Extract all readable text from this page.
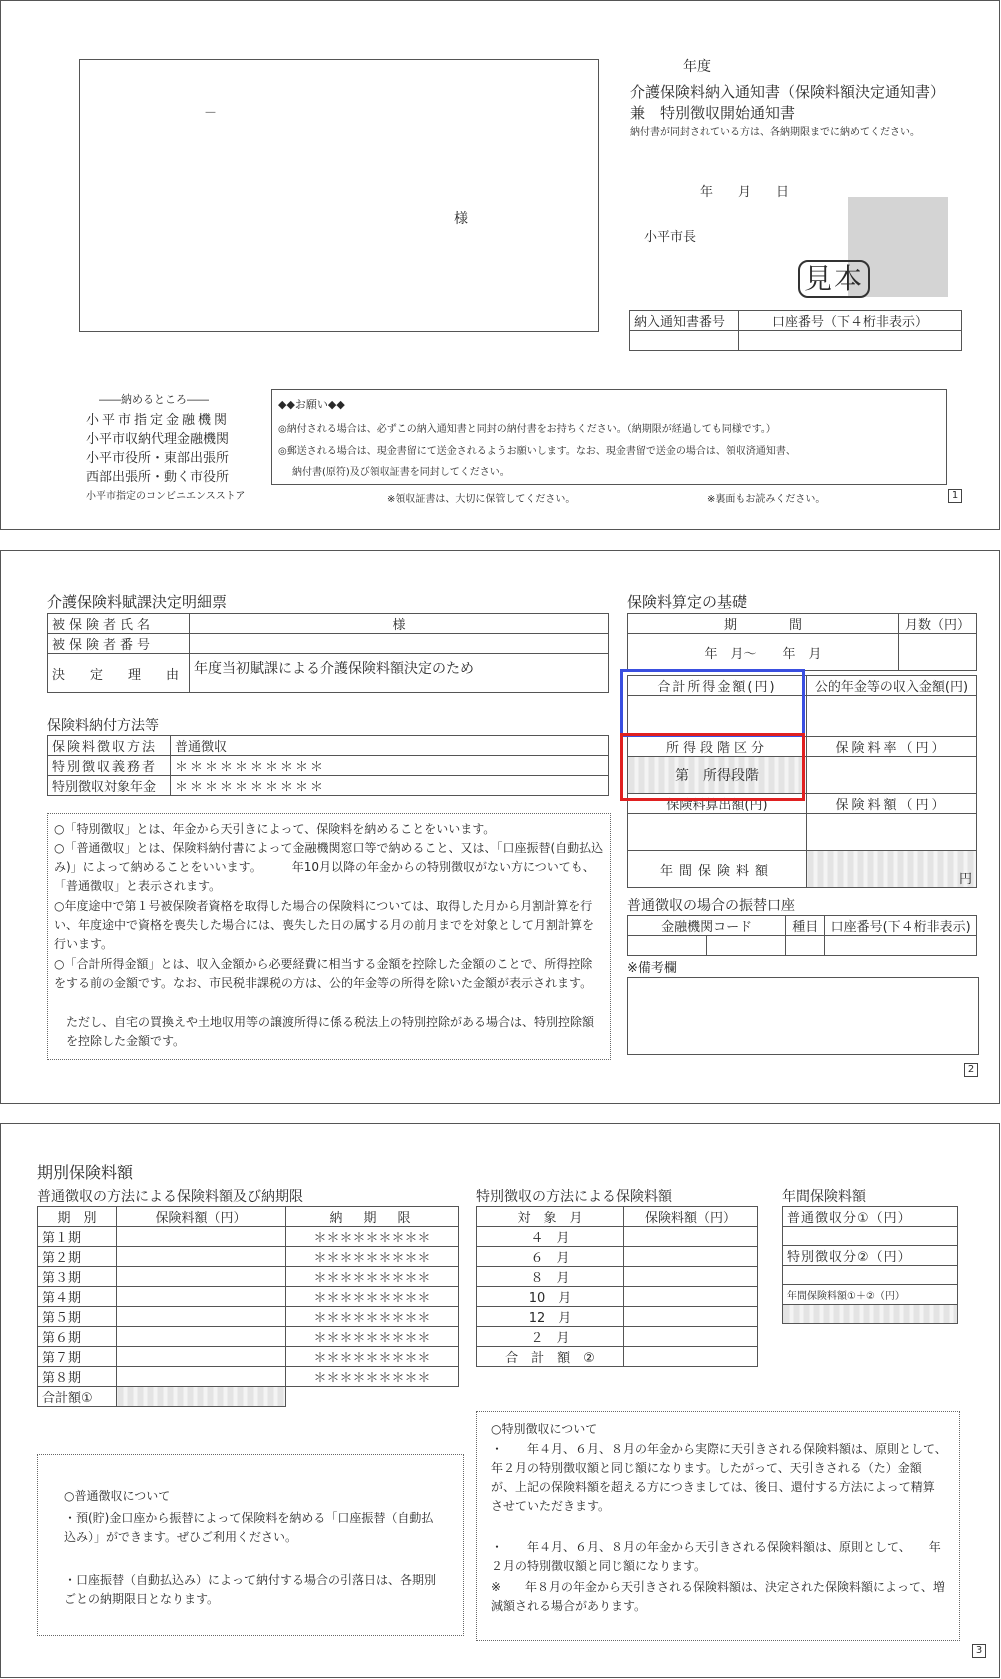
－
様
年度
介護保険料納入通知書（保険料額決定通知書）
兼　特別徴収開始通知書
納付書が同封されている方は、各納期限までに納めてください。
年　月　日
小平市長
見本
納入通知書番号	口座番号（下４桁非表示）

――納めるところ――
小平市指定金融機関
小平市収納代理金融機関
小平市役所・東部出張所
西部出張所・動く市役所
小平市指定のコンビニエンスストア
◆◆お願い◆◆
◎納付される場合は、必ずこの納入通知書と同封の納付書をお持ちください。（納期限が経過しても同様です。）
◎郵送される場合は、現金書留にて送金されるようお願いします。なお、現金書留で送金の場合は、領収済通知書、
納付書(原符)及び領収証書を同封してください。
※領収証書は、大切に保管してください。	※裏面もお読みください。	1
介護保険料賦課決定明細票
被保険者氏名	様
被保険者番号	
決　定　理　由	年度当初賦課による介護保険料額決定のため
保険料納付方法等
保険料徴収方法	普通徴収
特別徴収義務者	＊＊＊＊＊＊＊＊＊＊
特別徴収対象年金	＊＊＊＊＊＊＊＊＊＊
○「特別徴収」とは、年金から天引きによって、保険料を納めることをいいます。
○「普通徴収」とは、保険料納付書によって金融機関窓口等で納めること、又は、「口座振替(自動払込み)」によって納めることをいいます。　　　年10月以降の年金からの特別徴収がない方についても、「普通徴収」と表示されます。
○年度途中で第１号被保険者資格を取得した場合の保険料については、取得した月から月割計算を行い、年度途中で資格を喪失した場合には、喪失した日の属する月の前月までを対象として月割計算を行います。
○「合計所得金額」とは、収入金額から必要経費に相当する金額を控除した金額のことで、所得控除をする前の金額です。なお、市民税非課税の方は、公的年金等の所得を除いた金額が表示されます。
ただし、自宅の買換えや土地収用等の譲渡所得に係る税法上の特別控除がある場合は、特別控除額を控除した金額です。
保険料算定の基礎
期　　　　間	月数（円）
年　月～　　年　月	
合計所得金額(円)	公的年金等の収入金額(円)

所得段階区分	保険料率（円）
第　所得段階	
保険料算出額(円)	保険料額（円）

年間保険料額	円
普通徴収の場合の振替口座
金融機関コード		種目	口座番号(下４桁非表示)

※備考欄
2
期別保険料額
普通徴収の方法による保険料額及び納期限
期　別	保険料額（円）	納　期　限
第１期		＊＊＊＊＊＊＊＊＊
第２期		＊＊＊＊＊＊＊＊＊
第３期		＊＊＊＊＊＊＊＊＊
第４期		＊＊＊＊＊＊＊＊＊
第５期		＊＊＊＊＊＊＊＊＊
第６期		＊＊＊＊＊＊＊＊＊
第７期		＊＊＊＊＊＊＊＊＊
第８期		＊＊＊＊＊＊＊＊＊
合計額①		
特別徴収の方法による保険料額
対　象　月	保険料額（円）
４　月	
６　月	
８　月	
10　月	
12　月	
２　月	
合　計　額　②	
年間保険料額
普通徴収分①（円）

特別徴収分②（円）

年間保険料額①＋②（円）

○普通徴収について
・預(貯)金口座から振替によって保険料を納める「口座振替（自動払込み）」ができます。ぜひご利用ください。
・口座振替（自動払込み）によって納付する場合の引落日は、各期別ごとの納期限日となります。
○特別徴収について
・　　年４月、６月、８月の年金から実際に天引きされる保険料額は、原則として、　　年２月の特別徴収額と同じ額になります。したがって、天引きされる（た）金額が、上記の保険料額を超える方につきましては、後日、還付する方法によって精算させていただきます。
・　　年４月、６月、８月の年金から天引きされる保険料額は、原則として、　　年２月の特別徴収額と同じ額になります。
※　　年８月の年金から天引きされる保険料額は、決定された保険料額によって、増減額される場合があります。
3
